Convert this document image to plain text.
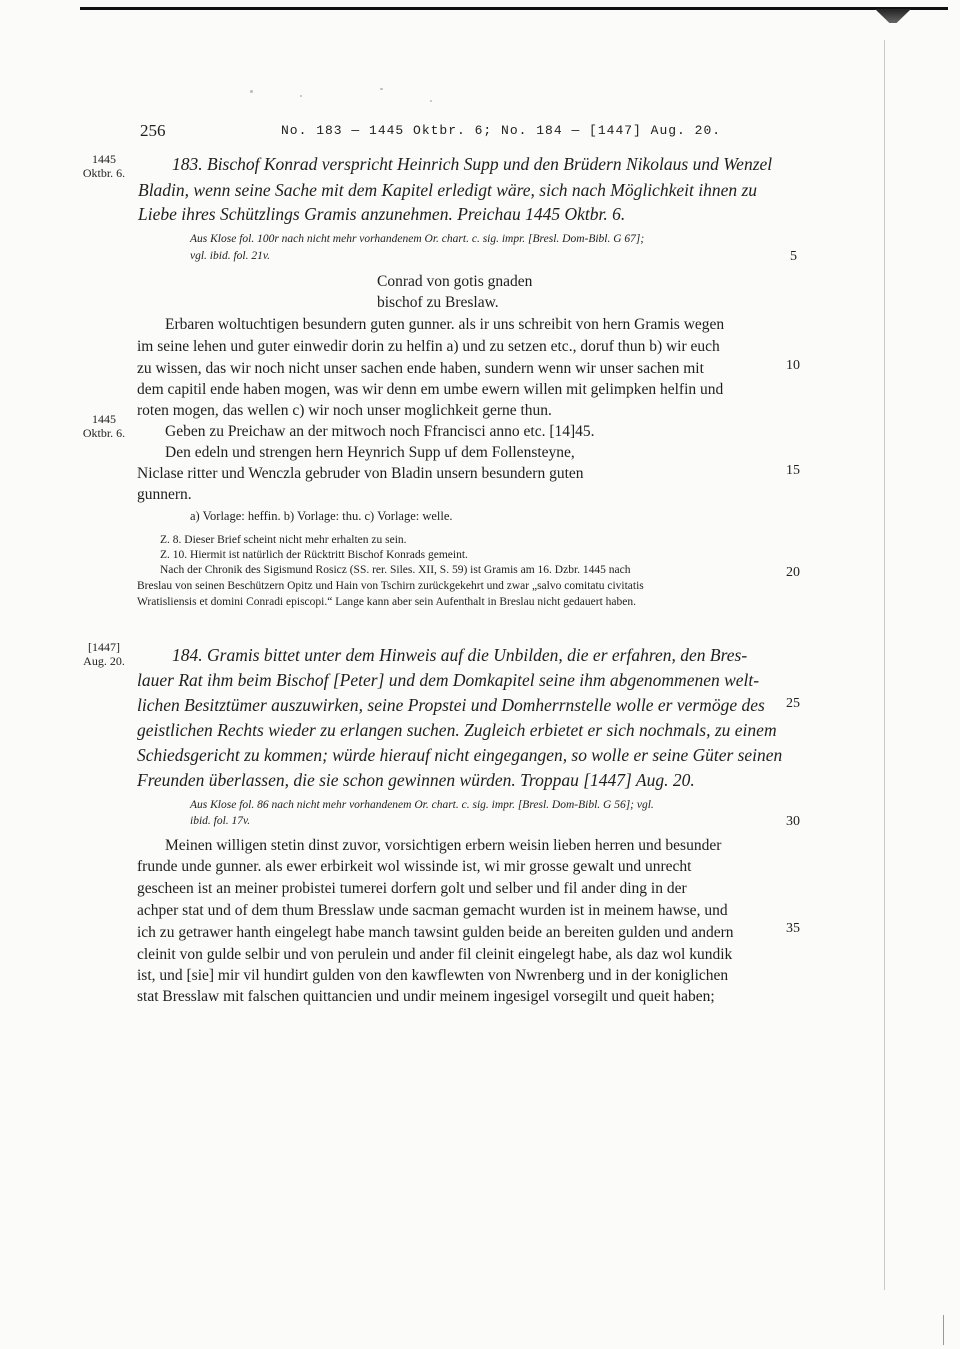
256	No. 183 — 1445 Oktbr. 6; No. 184 — [1447] Aug. 20.
1445
Oktbr. 6.
1445
Oktbr. 6.
[1447]
Aug. 20.
5
10
15
20
25
30
35
183. Bischof Konrad verspricht Heinrich Supp und den Brüdern Nikolaus und Wenzel
Bladin, wenn seine Sache mit dem Kapitel erledigt wäre, sich nach Möglichkeit ihnen zu
Liebe ihres Schützlings Gramis anzunehmen. Preichau 1445 Oktbr. 6.
Aus Klose fol. 100r nach nicht mehr vorhandenem Or. chart. c. sig. impr. [Bresl. Dom-Bibl. G 67];
vgl. ibid. fol. 21v.
Conrad von gotis gnaden
bischof zu Breslaw.
Erbaren woltuchtigen besundern guten gunner. als ir uns schreibit von hern Gramis wegen
im seine lehen und guter einwedir dorin zu helfin a) und zu setzen etc., doruf thun b) wir euch
zu wissen, das wir noch nicht unser sachen ende haben, sundern wenn wir unser sachen mit
dem capitil ende haben mogen, was wir denn em umbe ewern willen mit gelimpken helfin und
roten mogen, das wellen c) wir noch unser moglichkeit gerne thun.
Geben zu Preichaw an der mitwoch noch Ffrancisci anno etc. [14]45.
Den edeln und strengen hern Heynrich Supp uf dem Follensteyne,
Niclase ritter und Wenczla gebruder von Bladin unsern besundern guten
gunnern.
a) Vorlage: heffin. b) Vorlage: thu. c) Vorlage: welle.
Z. 8. Dieser Brief scheint nicht mehr erhalten zu sein.
Z. 10. Hiermit ist natürlich der Rücktritt Bischof Konrads gemeint.
Nach der Chronik des Sigismund Rosicz (SS. rer. Siles. XII, S. 59) ist Gramis am 16. Dzbr. 1445 nach
Breslau von seinen Beschützern Opitz und Hain von Tschirn zurückgekehrt und zwar „salvo comitatu civitatis
Wratisliensis et domini Conradi episcopi.“ Lange kann aber sein Aufenthalt in Breslau nicht gedauert haben.
184. Gramis bittet unter dem Hinweis auf die Unbilden, die er erfahren, den Bres-
lauer Rat ihm beim Bischof [Peter] und dem Domkapitel seine ihm abgenommenen welt-
lichen Besitztümer auszuwirken, seine Propstei und Domherrnstelle wolle er vermöge des
geistlichen Rechts wieder zu erlangen suchen. Zugleich erbietet er sich nochmals, zu einem
Schiedsgericht zu kommen; würde hierauf nicht eingegangen, so wolle er seine Güter seinen
Freunden überlassen, die sie schon gewinnen würden. Troppau [1447] Aug. 20.
Aus Klose fol. 86 nach nicht mehr vorhandenem Or. chart. c. sig. impr. [Bresl. Dom-Bibl. G 56]; vgl.
ibid. fol. 17v.
Meinen willigen stetin dinst zuvor, vorsichtigen erbern weisin lieben herren und besunder
frunde unde gunner. als ewer erbirkeit wol wissinde ist, wi mir grosse gewalt und unrecht
gescheen ist an meiner probistei tumerei dorfern golt und selber und fil ander ding in der
achper stat und of dem thum Bresslaw unde sacman gemacht wurden ist in meinem hawse, und
ich zu getrawer hanth eingelegt habe manch tawsint gulden beide an bereiten gulden und andern
cleinit von gulde selbir und von perulein und ander fil cleinit eingelegt habe, als daz wol kundik
ist, und [sie] mir vil hundirt gulden von den kawflewten von Nwrenberg und in der koniglichen
stat Bresslaw mit falschen quittancien und undir meinem ingesigel vorsegilt und queit haben;
